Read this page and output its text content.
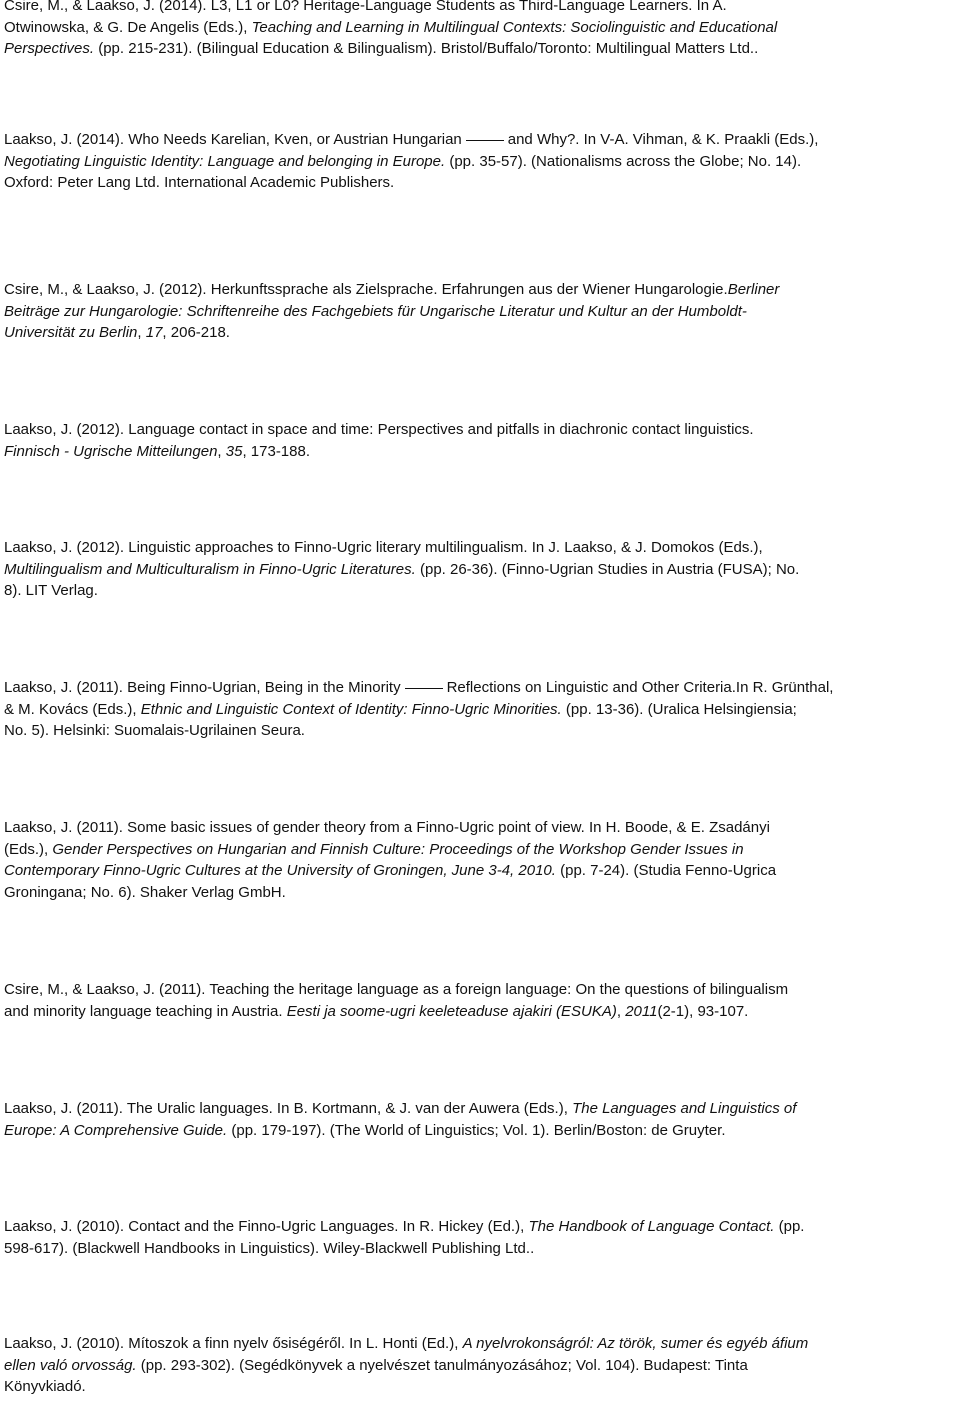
Csire, M., & Laakso, J. (2014). L3, L1 or L0? Heritage-Language Students as Third-Language Learners. In A.
Otwinowska, & G. De Angelis (Eds.), Teaching and Learning in Multilingual Contexts: Sociolinguistic and Educational
Perspectives. (pp. 215-231). (Bilingual Education & Bilingualism). Bristol/Buffalo/Toronto: Multilingual Matters Ltd..
Laakso, J. (2014). Who Needs Karelian, Kven, or Austrian Hungarian	and Why?. In V-A. Vihman, & K. Praakli (Eds.),
Negotiating Linguistic Identity: Language and belonging in Europe. (pp. 35-57). (Nationalisms across the Globe; No. 14).
Oxford: Peter Lang Ltd. International Academic Publishers.
Csire, M., & Laakso, J. (2012). Herkunftssprache als Zielsprache. Erfahrungen aus der Wiener Hungarologie.Berliner
Beiträge zur Hungarologie: Schriftenreihe des Fachgebiets für Ungarische Literatur und Kultur an der Humboldt-
Universität zu Berlin, 17, 206-218.
Laakso, J. (2012). Language contact in space and time: Perspectives and pitfalls in diachronic contact linguistics.
Finnisch - Ugrische Mitteilungen, 35, 173-188.
Laakso, J. (2012). Linguistic approaches to Finno-Ugric literary multilingualism. In J. Laakso, & J. Domokos (Eds.),
Multilingualism and Multiculturalism in Finno-Ugric Literatures. (pp. 26-36). (Finno-Ugrian Studies in Austria (FUSA); No.
8). LIT Verlag.
Laakso, J. (2011). Being Finno-Ugrian, Being in the Minority	Reflections on Linguistic and Other Criteria.In R. Grünthal,
& M. Kovács (Eds.), Ethnic and Linguistic Context of Identity: Finno-Ugric Minorities. (pp. 13-36). (Uralica Helsingiensia;
No. 5). Helsinki: Suomalais-Ugrilainen Seura.
Laakso, J. (2011). Some basic issues of gender theory from a Finno-Ugric point of view. In H. Boode, & E. Zsadányi
(Eds.), Gender Perspectives on Hungarian and Finnish Culture: Proceedings of the Workshop Gender Issues in
Contemporary Finno-Ugric Cultures at the University of Groningen, June 3-4, 2010. (pp. 7-24). (Studia Fenno-Ugrica
Groningana; No. 6). Shaker Verlag GmbH.
Csire, M., & Laakso, J. (2011). Teaching the heritage language as a foreign language: On the questions of bilingualism
and minority language teaching in Austria. Eesti ja soome-ugri keeleteaduse ajakiri (ESUKA), 2011(2-1), 93-107.
Laakso, J. (2011). The Uralic languages. In B. Kortmann, & J. van der Auwera (Eds.), The Languages and Linguistics of
Europe: A Comprehensive Guide. (pp. 179-197). (The World of Linguistics; Vol. 1). Berlin/Boston: de Gruyter.
Laakso, J. (2010). Contact and the Finno-Ugric Languages. In R. Hickey (Ed.), The Handbook of Language Contact. (pp.
598-617). (Blackwell Handbooks in Linguistics). Wiley-Blackwell Publishing Ltd..
Laakso, J. (2010). Mítoszok a finn nyelv ősiségéről. In L. Honti (Ed.), A nyelvrokonságról: Az török, sumer és egyéb áfium
ellen való orvosság. (pp. 293-302). (Segédkönyvek a nyelvészet tanulmányozásához; Vol. 104). Budapest: Tinta
Könyvkiadó.
